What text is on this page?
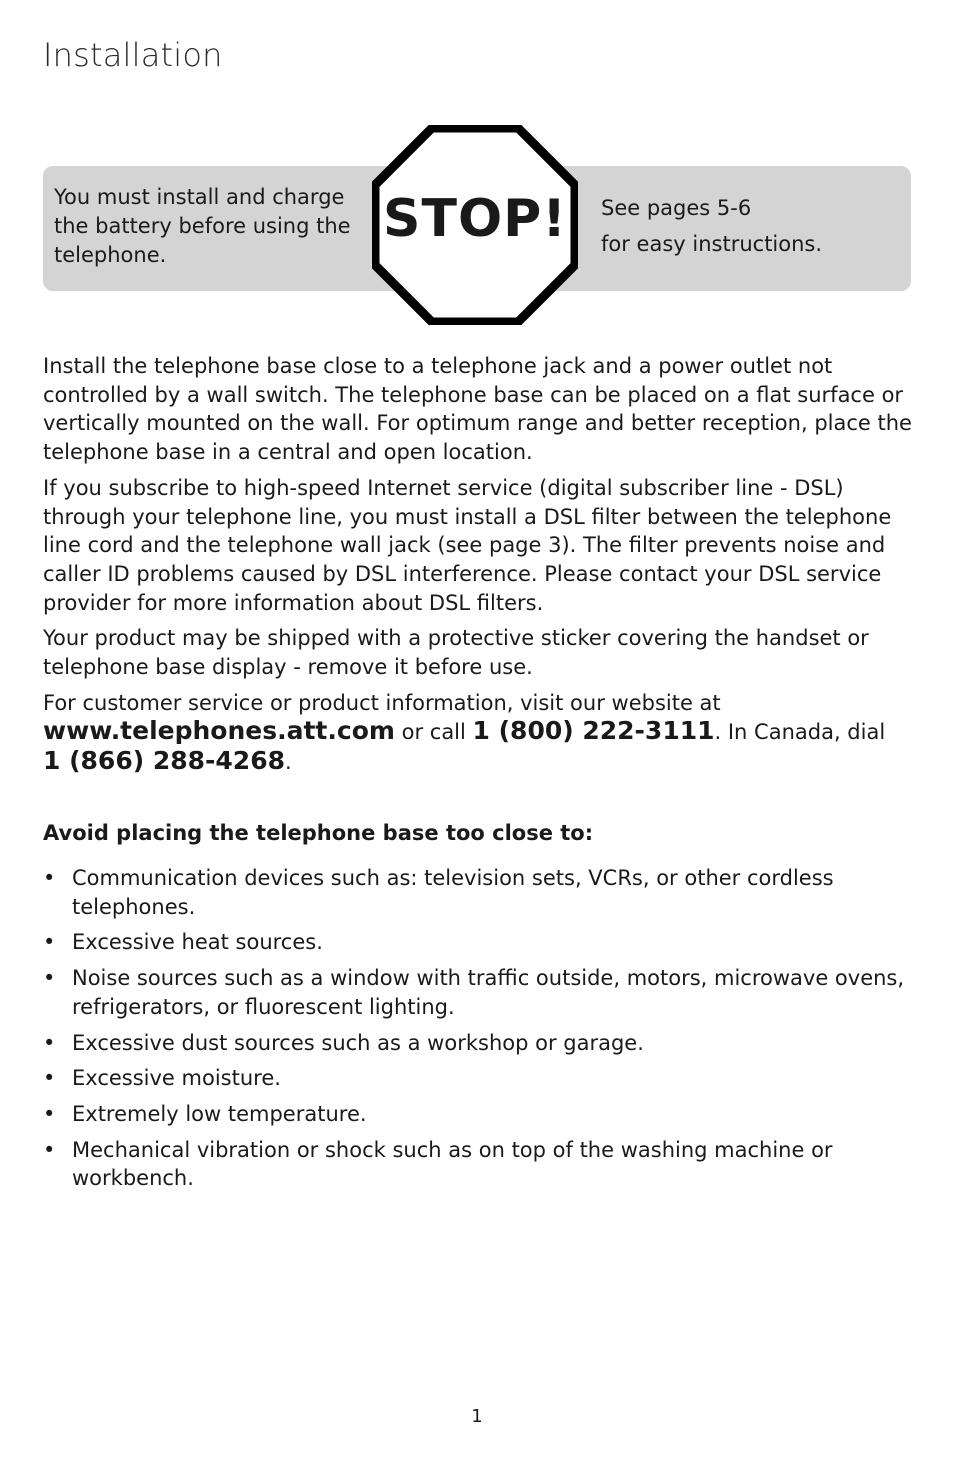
Installation
You must install and charge the battery before using the telephone.
See pages 5-6
for easy instructions.
STOP!

Install the telephone base close to a telephone jack and a power outlet not controlled by a wall switch. The telephone base can be placed on a flat surface or vertically mounted on the wall. For optimum range and better reception, place the telephone base in a central and open location.

If you subscribe to high-speed Internet service (digital subscriber line - DSL) through your telephone line, you must install a DSL filter between the telephone line cord and the telephone wall jack (see page 3). The filter prevents noise and caller ID problems caused by DSL interference. Please contact your DSL service provider for more information about DSL filters.

Your product may be shipped with a protective sticker covering the handset or telephone base display - remove it before use.

For customer service or product information, visit our website at
www.telephones.att.com or call 1 (800) 222-3111. In Canada, dial
1 (866) 288-4268.

Avoid placing the telephone base too close to:
• Communication devices such as: television sets, VCRs, or other cordless telephones.
• Excessive heat sources.
• Noise sources such as a window with traffic outside, motors, microwave ovens, refrigerators, or fluorescent lighting.
• Excessive dust sources such as a workshop or garage.
• Excessive moisture.
• Extremely low temperature.
• Mechanical vibration or shock such as on top of the washing machine or workbench.
1
